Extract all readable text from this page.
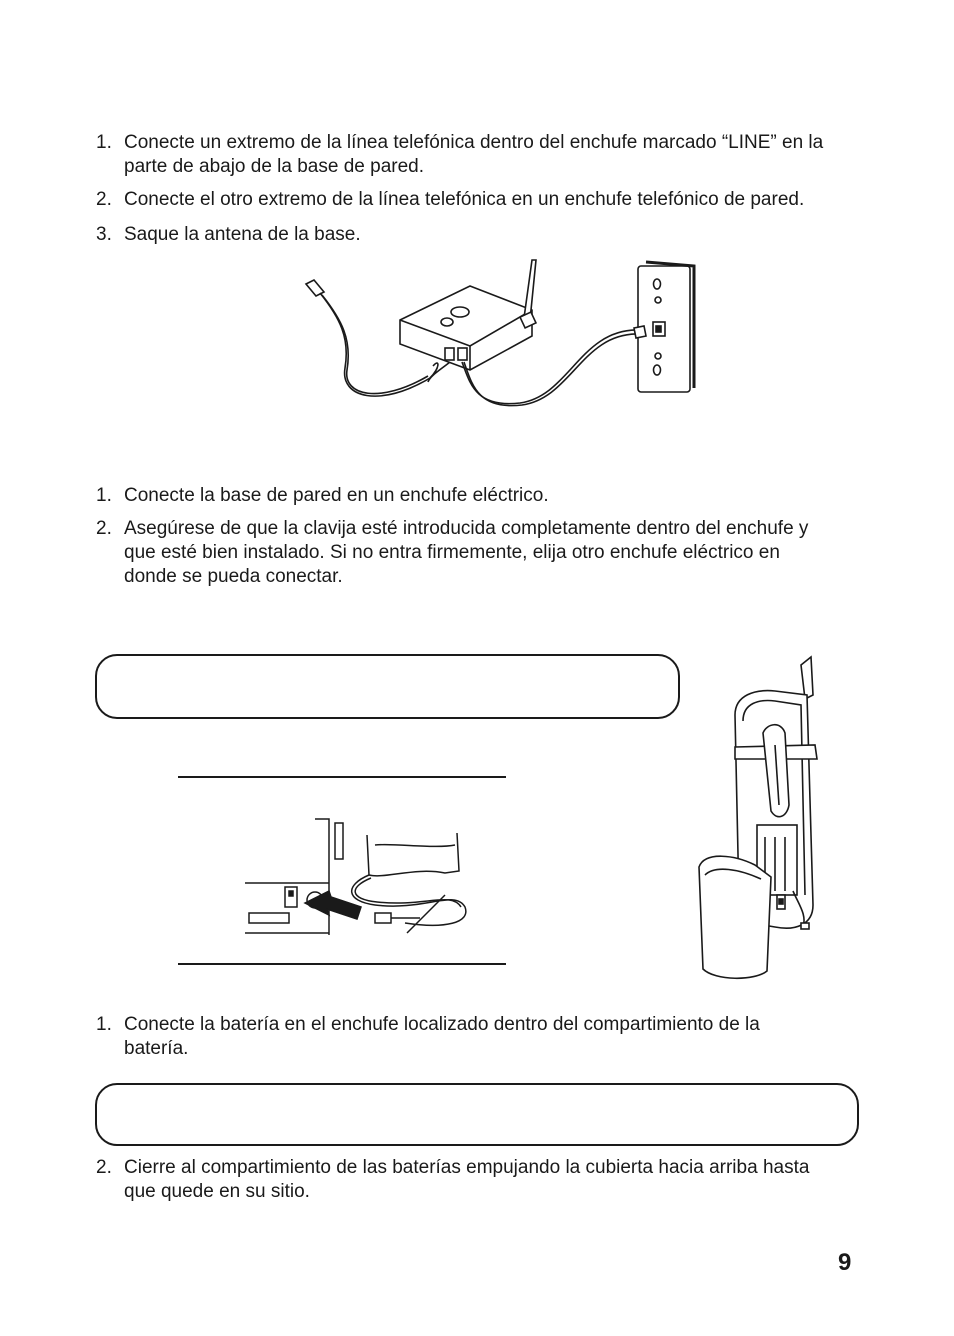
1. Conecte un extremo de la línea telefónica dentro del enchufe marcado “LINE” en la parte de abajo de la base de pared.
2. Conecte el otro extremo de la línea telefónica en un enchufe telefónico de pared.
3. Saque la antena de la base.
1. Conecte la base de pared en un enchufe eléctrico.
2. Asegúrese de que la clavija esté introducida completamente dentro del enchufe y que esté bien instalado. Si no entra firmemente, elija otro enchufe eléctrico en donde se pueda conectar.
1. Conecte la batería en el enchufe localizado dentro del compartimiento de la batería.
2. Cierre al compartimiento de las baterías empujando la cubierta hacia arriba hasta que quede en su sitio.
9
